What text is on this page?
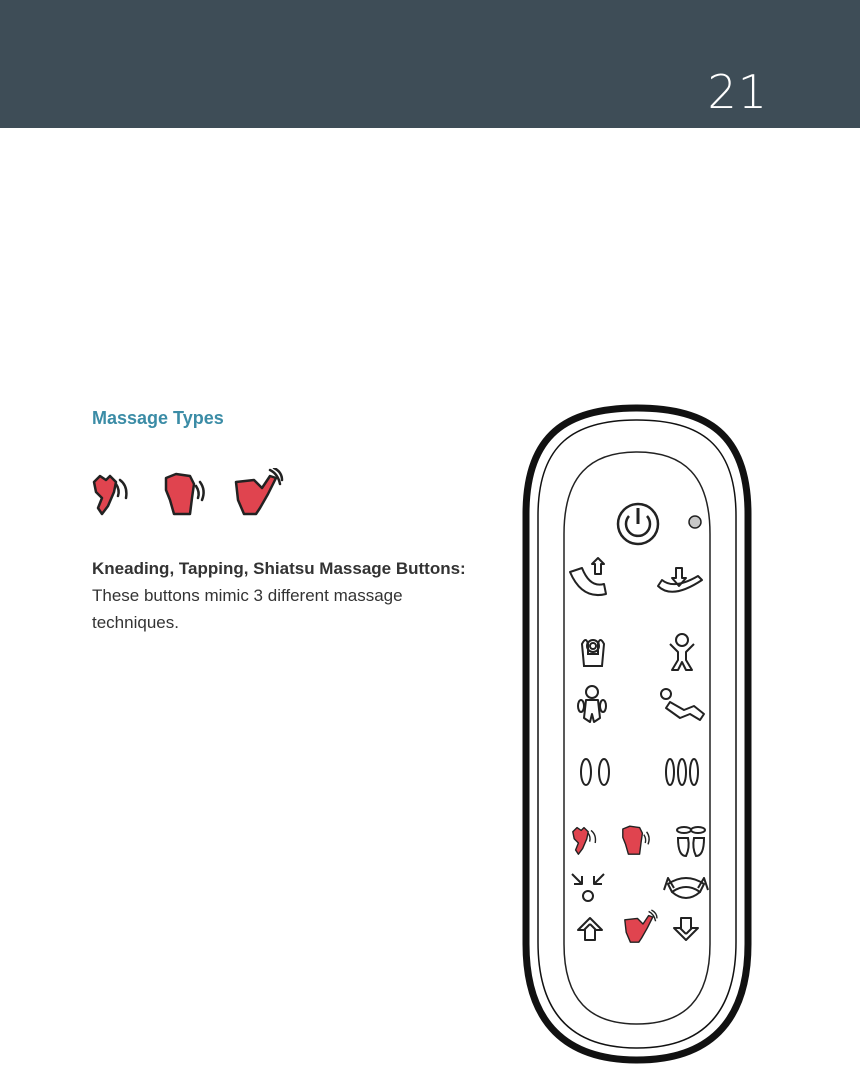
21
Massage Types
Kneading, Tapping, Shiatsu Massage Buttons:
These buttons mimic 3 different massage techniques.
